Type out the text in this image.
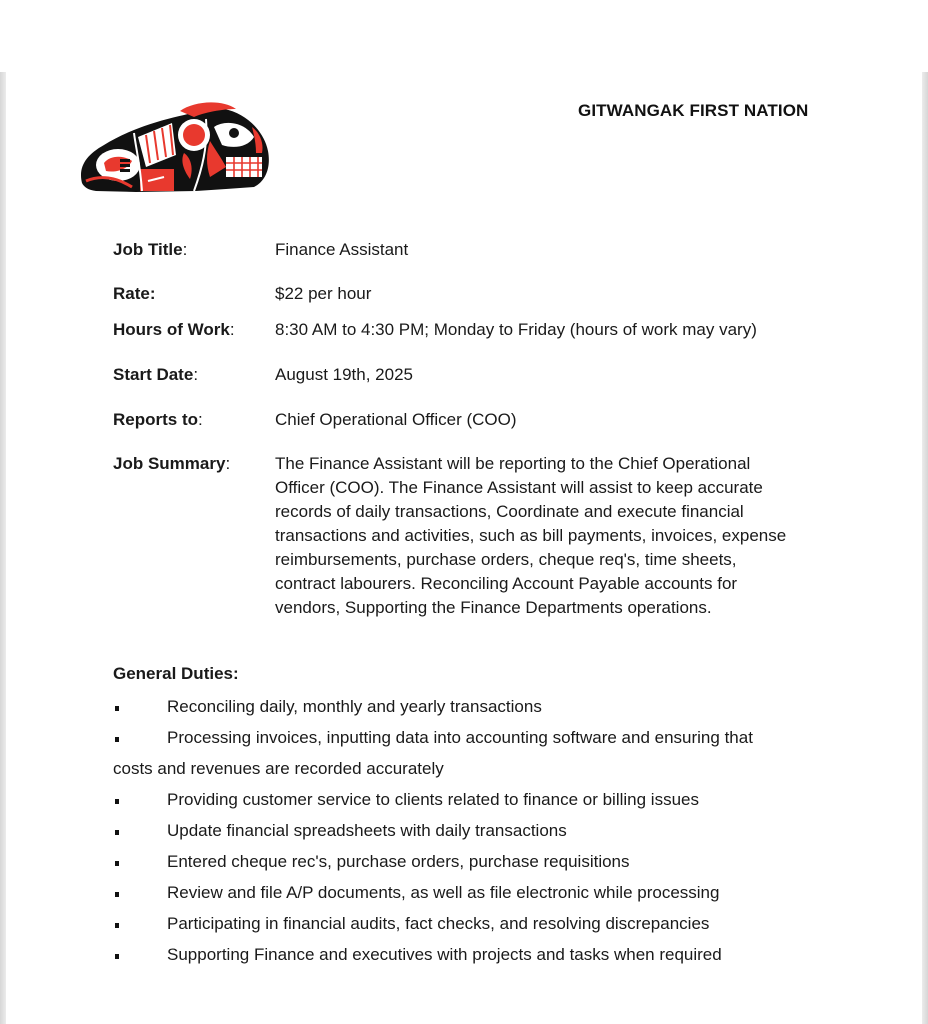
GITWANGAK FIRST NATION
Job Title:	Finance Assistant
Rate:	$22 per hour
Hours of Work: 8:30 AM to 4:30 PM; Monday to Friday (hours of work may vary)
Start Date:	August 19th, 2025
Reports to:	Chief Operational Officer (COO)
Job Summary:	The Finance Assistant will be reporting to the Chief Operational Officer (COO). The Finance Assistant will assist to keep accurate records of daily transactions, Coordinate and execute financial transactions and activities, such as bill payments, invoices, expense reimbursements, purchase orders, cheque req's, time sheets, contract labourers. Reconciling Account Payable accounts for vendors, Supporting the Finance Departments operations.
General Duties:
Reconciling daily, monthly and yearly transactions
Processing invoices, inputting data into accounting software and ensuring that
costs and revenues are recorded accurately
Providing customer service to clients related to finance or billing issues
Update financial spreadsheets with daily transactions
Entered cheque rec's, purchase orders, purchase requisitions
Review and file A/P documents, as well as file electronic while processing
Participating in financial audits, fact checks, and resolving discrepancies
Supporting Finance and executives with projects and tasks when required
